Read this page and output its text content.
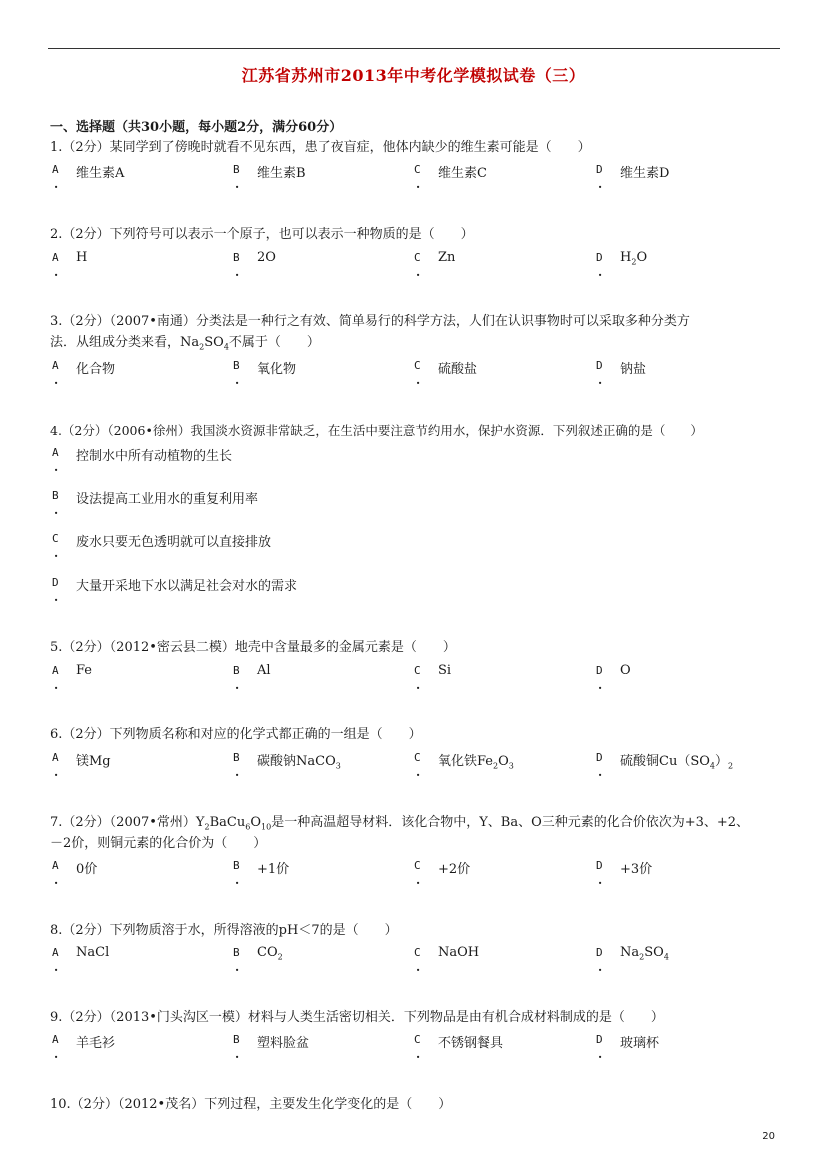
江苏省苏州市2013年中考化学模拟试卷（三）
一、选择题（共30小题，每小题2分，满分60分）
1.（2分）某同学到了傍晚时就看不见东西，患了夜盲症，他体内缺少的维生素可能是（　　）
A
.
维生素A	B
.
维生素B	C
.
维生素C	D
.
维生素D
2.（2分）下列符号可以表示一个原子，也可以表示一种物质的是（　　）
A
.
H	B
.
2O	C
.
Zn	D
.
$H_2O$
3.（2分）（2007•南通）分类法是一种行之有效、简单易行的科学方法，人们在认识事物时可以采取多种分类方
法．从组成分类来看，$Na_2SO_4$不属于（　　）
A
.
化合物	B
.
氧化物	C
.
硫酸盐	D
.
钠盐
4.（2分）（2006•徐州）我国淡水资源非常缺乏，在生活中要注意节约用水，保护水资源．下列叙述正确的是（　　）
A
.
控制水中所有动植物的生长
B
.
设法提高工业用水的重复利用率
C
.
废水只要无色透明就可以直接排放
D
.
大量开采地下水以满足社会对水的需求
5.（2分）（2012•密云县二模）地壳中含量最多的金属元素是（　　）
A
.
Fe	B
.
Al	C
.
Si	D
.
O
6.（2分）下列物质名称和对应的化学式都正确的一组是（　　）
A
.
镁Mg	B
.
碳酸钠NaCO$_3$
C
.
氧化铁$Fe_2O_3$
D
.
硫酸铜$Cu(SO_4)_2$
7.（2分）（2007•常州）$Y_2BaCu_6O_{10}$是一种高温超导材料．该化合物中，Y、Ba、O三种元素的化合价依次为+3、+2、
－2价，则铜元素的化合价为（　　）
A
.
0价	B
.
+1价	C
.
+2价	D
.
+3价
8.（2分）下列物质溶于水，所得溶液的pH＜7的是（　　）
A
.
NaCl	B
.
$CO_2$	C
.
NaOH	D
.
$Na_2SO_4$
9.（2分）（2013•门头沟区一模）材料与人类生活密切相关．下列物品是由有机合成材料制成的是（　　）
A
.
羊毛衫	B
.
塑料脸盆	C
.
不锈钢餐具	D
.
玻璃杯
10.（2分）（2012•茂名）下列过程，主要发生化学变化的是（　　）
20
